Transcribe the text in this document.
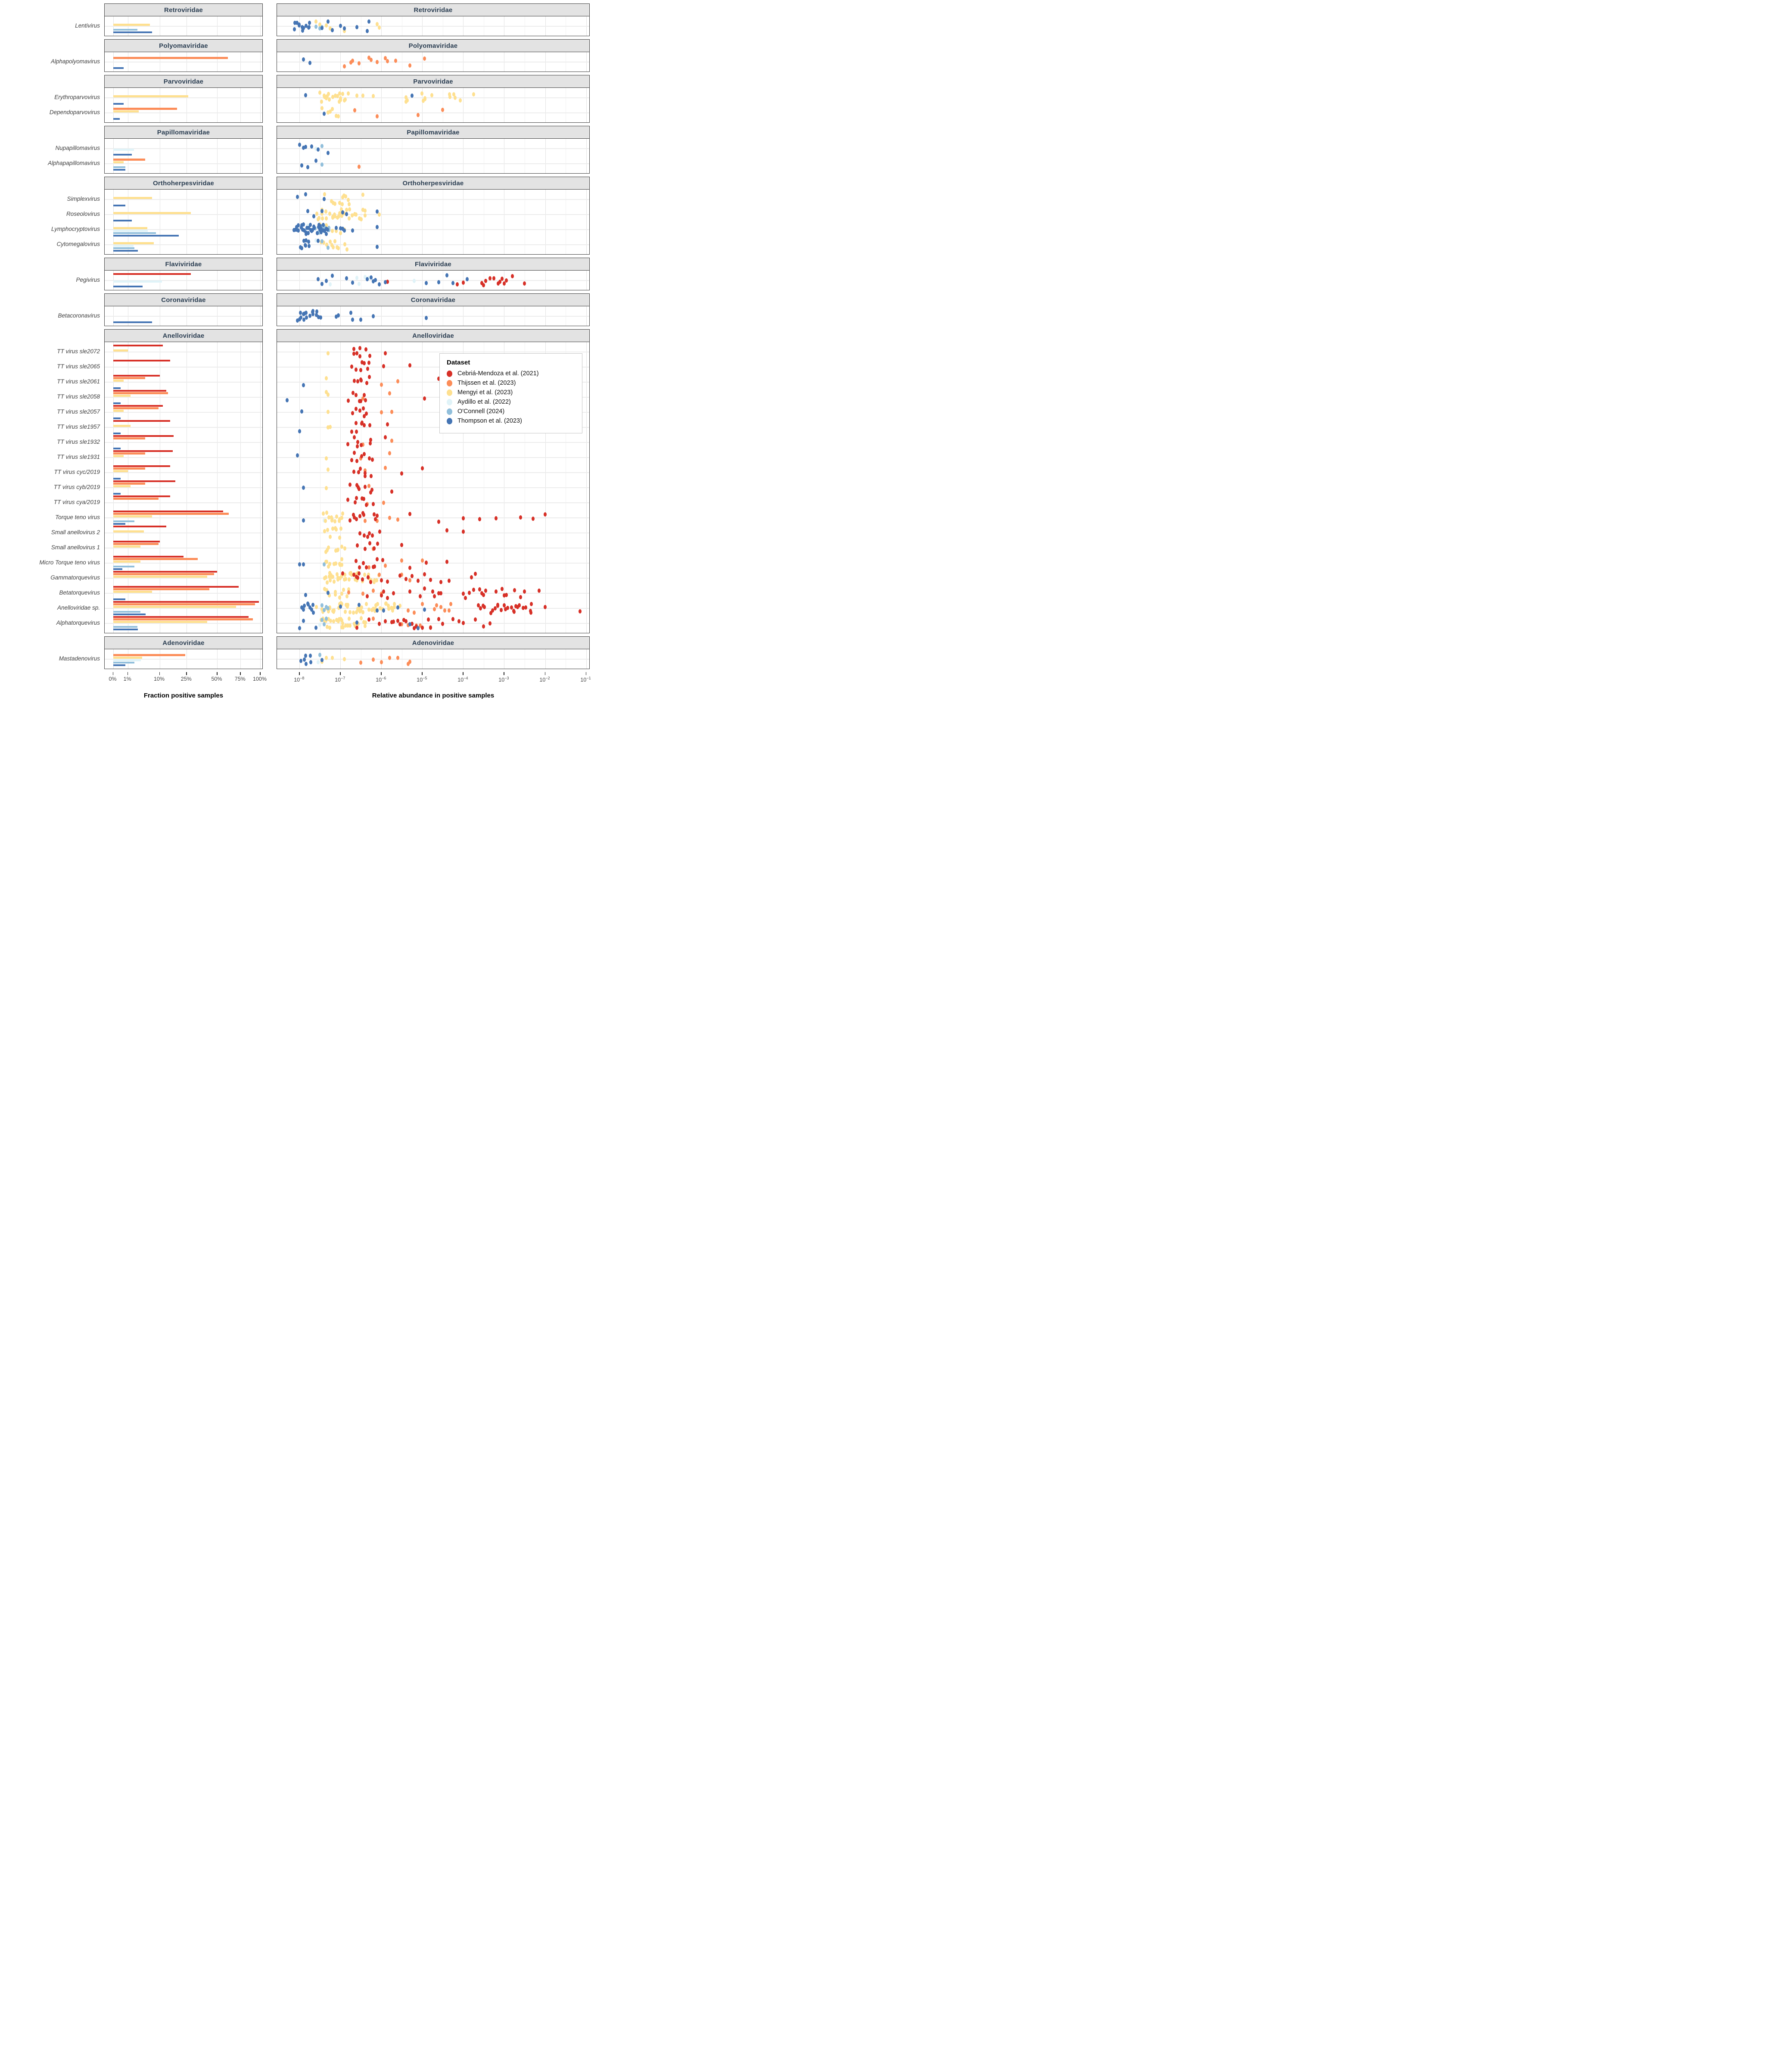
Retroviridae	Retroviridae
Lentivirus
Polyomaviridae	Polyomaviridae
Alphapolyomavirus
Parvoviridae	Parvoviridae
Erythroparvovirus
Dependoparvovirus
Papillomaviridae	Papillomaviridae
Nupapillomavirus
Alphapapillomavirus
Orthoherpesviridae	Orthoherpesviridae
Simplexvirus
Roseolovirus
Lymphocryptovirus
Cytomegalovirus
Flaviviridae	Flaviviridae
Pegivirus
Coronaviridae	Coronaviridae
Betacoronavirus
Anelloviridae	Anelloviridae
TT virus sle2072
TT virus sle2065
TT virus sle2061
TT virus sle2058
TT virus sle2057
TT virus sle1957
TT virus sle1932
TT virus sle1931
TT virus cyc/2019
TT virus cyb/2019
TT virus cya/2019
Torque teno virus
Small anellovirus 2
Small anellovirus 1
Micro Torque teno virus
Gammatorquevirus
Betatorquevirus
Anelloviridae sp.
Alphatorquevirus
Dataset
Cebriá-Mendoza et al. (2021)
Thijssen et al. (2023)
Mengyi et al. (2023)
Aydillo et al. (2022)
O'Connell (2024)
Thompson et al. (2023)
Adenoviridae	Adenoviridae
Mastadenovirus
0% 1%	10%	25%	50% 75% 100%	$10^{-8}$	$10^{-7}$	$10^{-6}$	$10^{-5}$	$10^{-4}$	$10^{-3}$	$10^{-2}$	$10^{-1}$
Fraction positive samples	Relative abundance in positive samples
